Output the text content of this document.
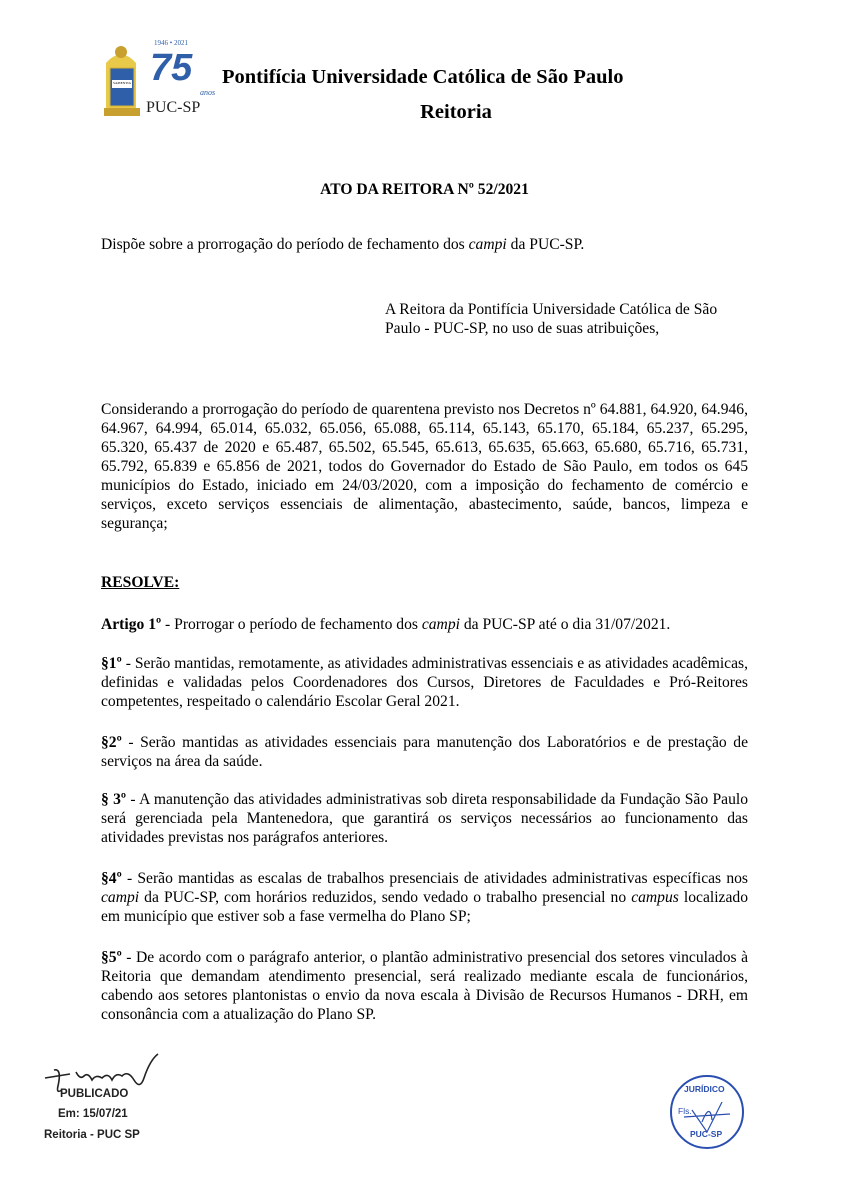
SAPIENTIA
1946 • 2021
75
anos
PUC-SP
Pontifícia Universidade Católica de São Paulo
Reitoria
ATO DA REITORA Nº 52/2021
Dispõe sobre a prorrogação do período de fechamento dos campi da PUC-SP.
A Reitora da Pontifícia Universidade Católica de São Paulo - PUC-SP, no uso de suas atribuições,
Considerando a prorrogação do período de quarentena previsto nos Decretos nº 64.881, 64.920, 64.946, 64.967, 64.994, 65.014, 65.032, 65.056, 65.088, 65.114, 65.143, 65.170, 65.184, 65.237, 65.295, 65.320, 65.437 de 2020 e 65.487, 65.502, 65.545, 65.613, 65.635, 65.663, 65.680, 65.716, 65.731, 65.792, 65.839 e 65.856 de 2021, todos do Governador do Estado de São Paulo, em todos os 645 municípios do Estado, iniciado em 24/03/2020, com a imposição do fechamento de comércio e serviços, exceto serviços essenciais de alimentação, abastecimento, saúde, bancos, limpeza e segurança;
RESOLVE:
Artigo 1º - Prorrogar o período de fechamento dos campi da PUC-SP até o dia 31/07/2021.
§1º - Serão mantidas, remotamente, as atividades administrativas essenciais e as atividades acadêmicas, definidas e validadas pelos Coordenadores dos Cursos, Diretores de Faculdades e Pró-Reitores competentes, respeitado o calendário Escolar Geral 2021.
§2º - Serão mantidas as atividades essenciais para manutenção dos Laboratórios e de prestação de serviços na área da saúde.
§ 3º - A manutenção das atividades administrativas sob direta responsabilidade da Fundação São Paulo será gerenciada pela Mantenedora, que garantirá os serviços necessários ao funcionamento das atividades previstas nos parágrafos anteriores.
§4º - Serão mantidas as escalas de trabalhos presenciais de atividades administrativas específicas nos campi da PUC-SP, com horários reduzidos, sendo vedado o trabalho presencial no campus localizado em município que estiver sob a fase vermelha do Plano SP;
§5º - De acordo com o parágrafo anterior, o plantão administrativo presencial dos setores vinculados à Reitoria que demandam atendimento presencial, será realizado mediante escala de funcionários, cabendo aos setores plantonistas o envio da nova escala à Divisão de Recursos Humanos - DRH, em consonância com a atualização do Plano SP.
PUBLICADO
Em: 15/07/21
Reitoria - PUC SP
JURÍDICO
Fls.
PUC-SP
